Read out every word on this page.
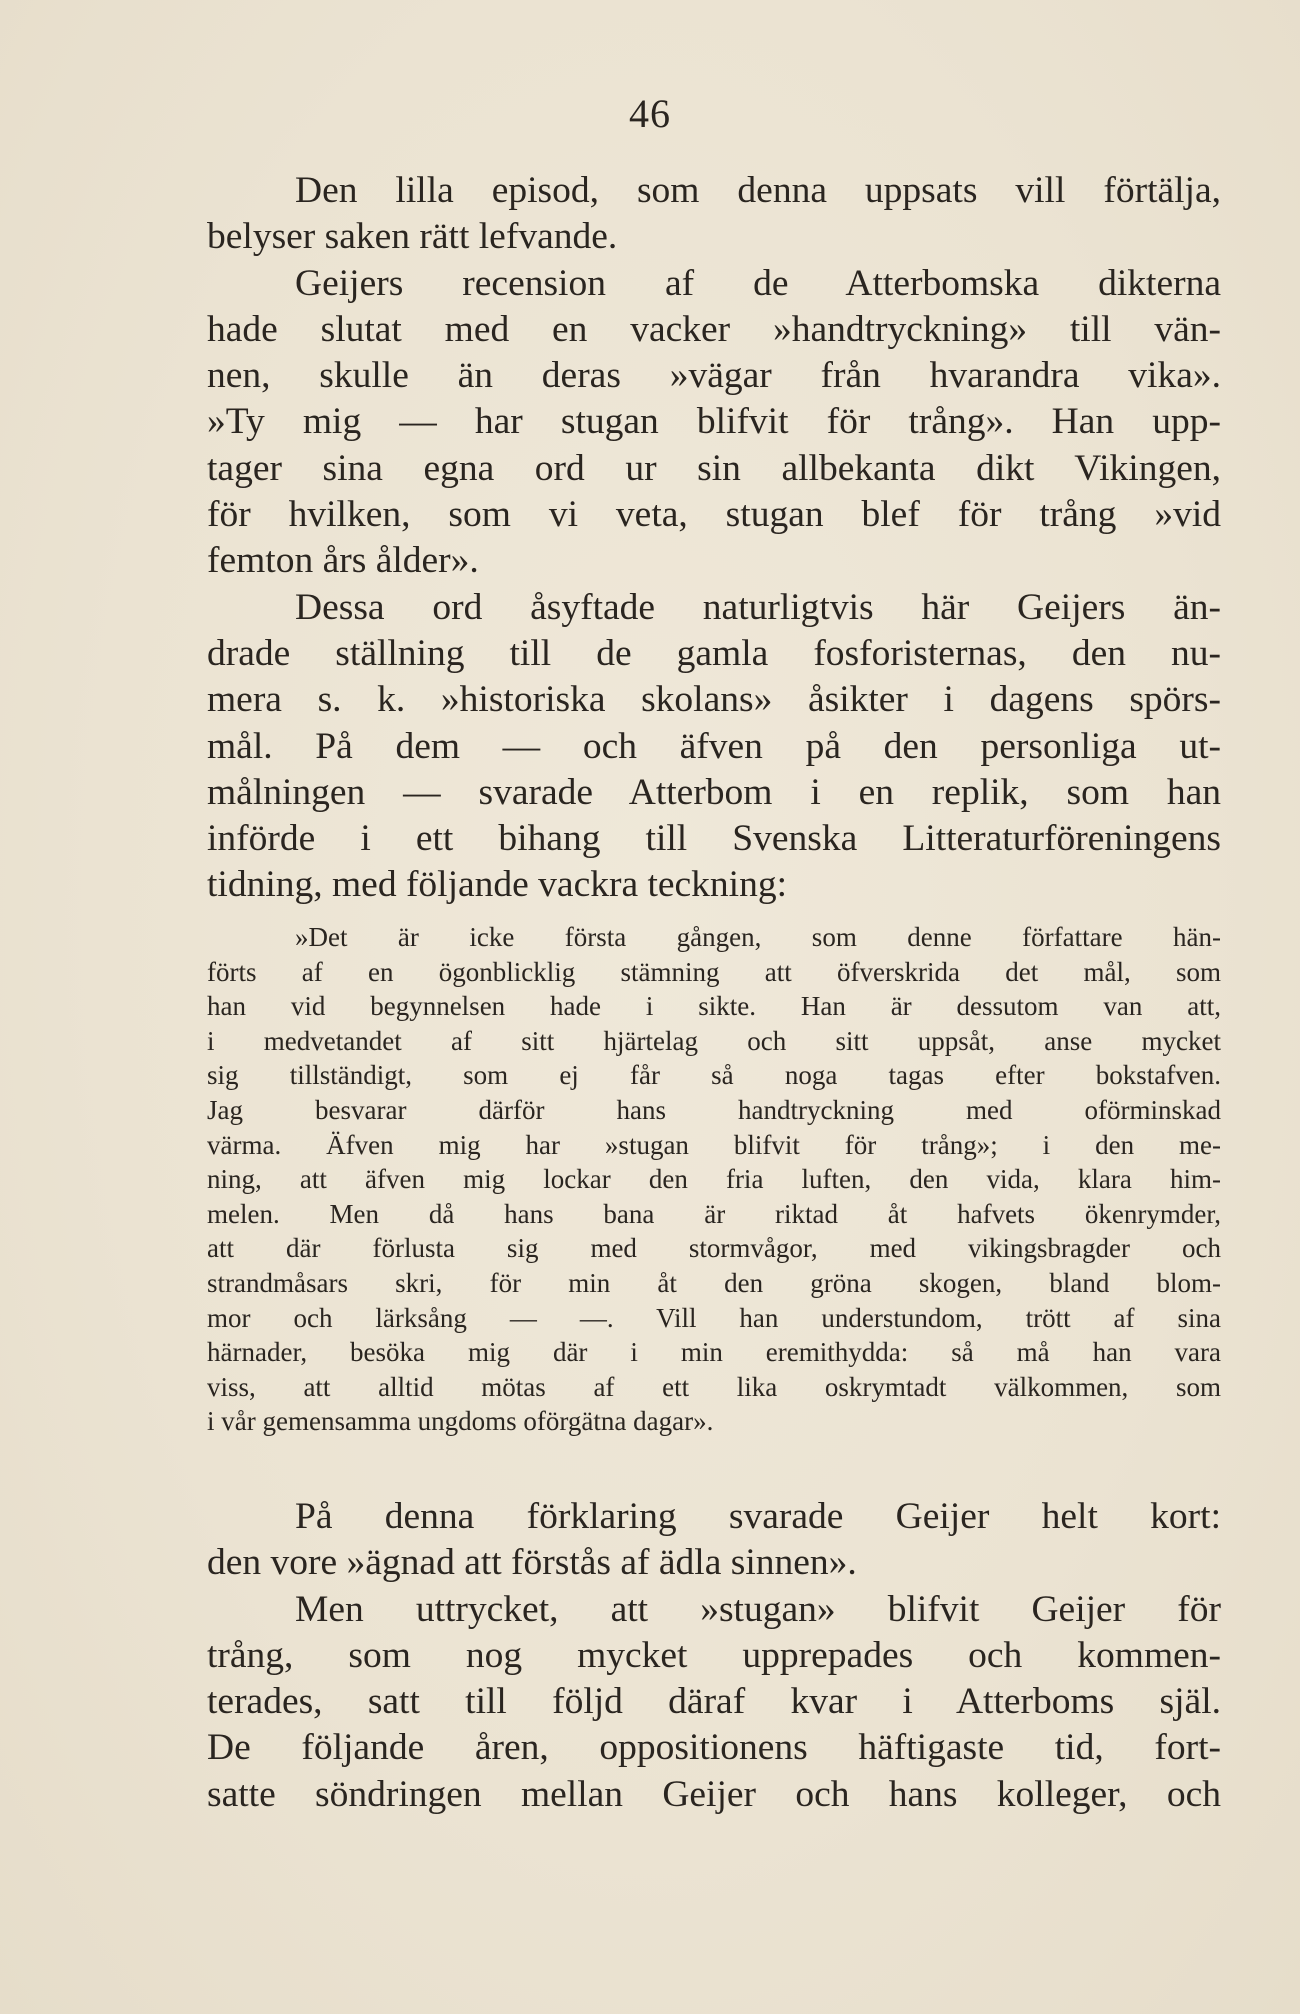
46
Den lilla episod, som denna uppsats vill förtälja,
belyser saken rätt lefvande.
Geijers recension af de Atterbomska dikterna
hade slutat med en vacker »handtryckning» till vän-
nen, skulle än deras »vägar från hvarandra vika».
»Ty mig — har stugan blifvit för trång». Han upp-
tager sina egna ord ur sin allbekanta dikt Vikingen,
för hvilken, som vi veta, stugan blef för trång »vid
femton års ålder».
Dessa ord åsyftade naturligtvis här Geijers än-
drade ställning till de gamla fosforisternas, den nu-
mera s. k. »historiska skolans» åsikter i dagens spörs-
mål. På dem — och äfven på den personliga ut-
målningen — svarade Atterbom i en replik, som han
införde i ett bihang till Svenska Litteraturföreningens
tidning, med följande vackra teckning:
»Det är icke första gången, som denne författare hän-
förts af en ögonblicklig stämning att öfverskrida det mål, som
han vid begynnelsen hade i sikte. Han är dessutom van att,
i medvetandet af sitt hjärtelag och sitt uppsåt, anse mycket
sig tillständigt, som ej får så noga tagas efter bokstafven.
Jag besvarar därför hans handtryckning med oförminskad
värma. Äfven mig har »stugan blifvit för trång»; i den me-
ning, att äfven mig lockar den fria luften, den vida, klara him-
melen. Men då hans bana är riktad åt hafvets ökenrymder,
att där förlusta sig med stormvågor, med vikingsbragder och
strandmåsars skri, för min åt den gröna skogen, bland blom-
mor och lärksång — —. Vill han understundom, trött af sina
härnader, besöka mig där i min eremithydda: så må han vara
viss, att alltid mötas af ett lika oskrymtadt välkommen, som
i vår gemensamma ungdoms oförgätna dagar».
På denna förklaring svarade Geijer helt kort:
den vore »ägnad att förstås af ädla sinnen».
Men uttrycket, att »stugan» blifvit Geijer för
trång, som nog mycket upprepades och kommen-
terades, satt till följd däraf kvar i Atterboms själ.
De följande åren, oppositionens häftigaste tid, fort-
satte söndringen mellan Geijer och hans kolleger, och
